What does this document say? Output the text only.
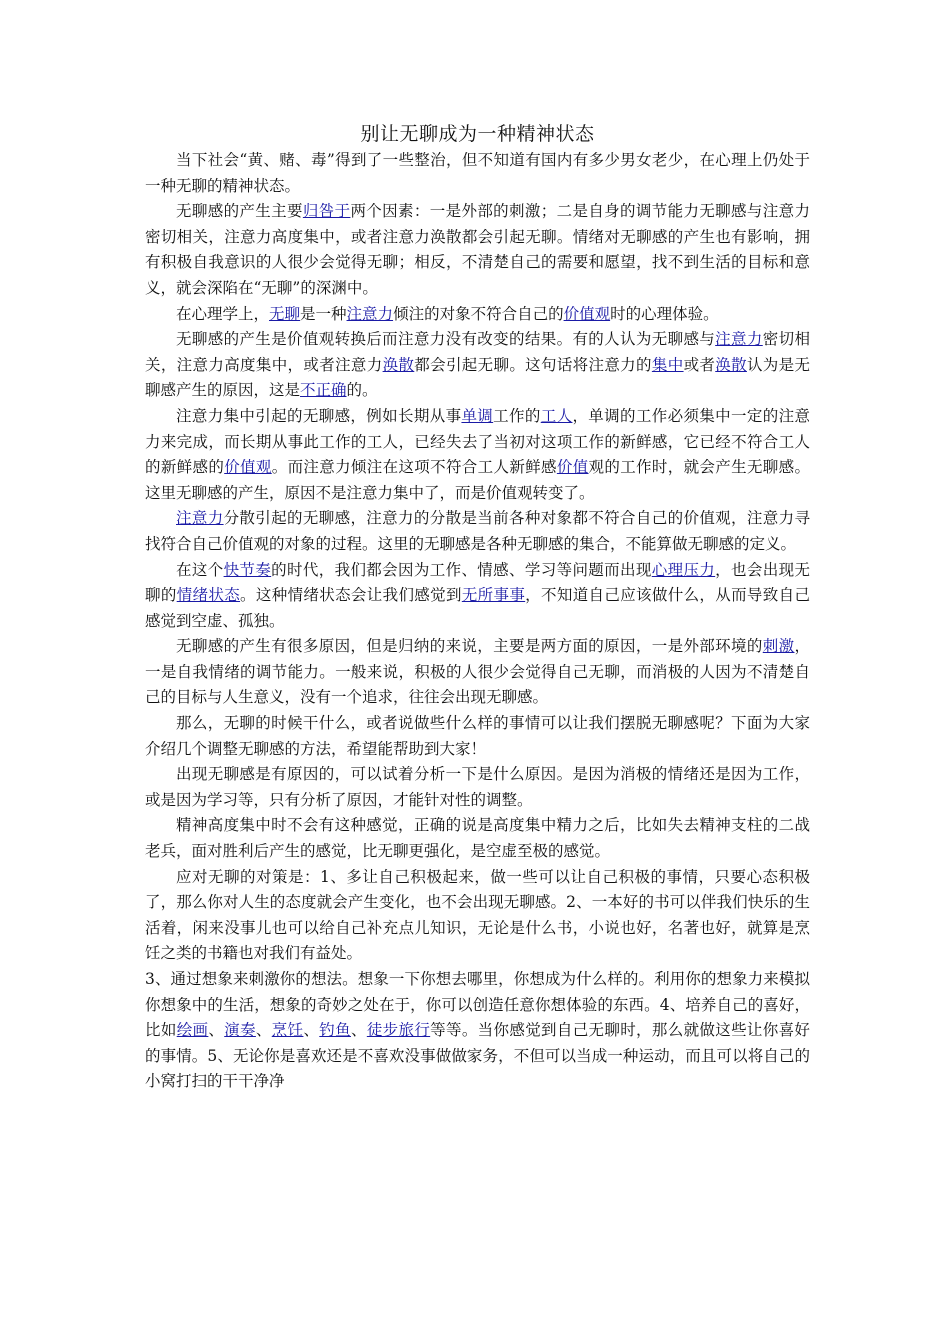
别让无聊成为一种精神状态

当下社会“黄、赌、毒”得到了一些整治，但不知道有国内有多少男女老少，在心理上仍处于一种无聊的精神状态。

无聊感的产生主要归咎于两个因素：一是外部的刺激；二是自身的调节能力无聊感与注意力密切相关，注意力高度集中，或者注意力涣散都会引起无聊。情绪对无聊感的产生也有影响，拥有积极自我意识的人很少会觉得无聊；相反，不清楚自己的需要和愿望，找不到生活的目标和意义，就会深陷在“无聊”的深渊中。

在心理学上，无聊是一种注意力倾注的对象不符合自己的价值观时的心理体验。

无聊感的产生是价值观转换后而注意力没有改变的结果。有的人认为无聊感与注意力密切相关，注意力高度集中，或者注意力涣散都会引起无聊。这句话将注意力的集中或者涣散认为是无聊感产生的原因，这是不正确的。

注意力集中引起的无聊感，例如长期从事单调工作的工人，单调的工作必须集中一定的注意力来完成，而长期从事此工作的工人，已经失去了当初对这项工作的新鲜感，它已经不符合工人的新鲜感的价值观。而注意力倾注在这项不符合工人新鲜感价值观的工作时，就会产生无聊感。这里无聊感的产生，原因不是注意力集中了，而是价值观转变了。

注意力分散引起的无聊感，注意力的分散是当前各种对象都不符合自己的价值观，注意力寻找符合自己价值观的对象的过程。这里的无聊感是各种无聊感的集合，不能算做无聊感的定义。

在这个快节奏的时代，我们都会因为工作、情感、学习等问题而出现心理压力，也会出现无聊的情绪状态。这种情绪状态会让我们感觉到无所事事，不知道自己应该做什么，从而导致自己感觉到空虚、孤独。

无聊感的产生有很多原因，但是归纳的来说，主要是两方面的原因，一是外部环境的刺激，一是自我情绪的调节能力。一般来说，积极的人很少会觉得自己无聊，而消极的人因为不清楚自己的目标与人生意义，没有一个追求，往往会出现无聊感。

那么，无聊的时候干什么，或者说做些什么样的事情可以让我们摆脱无聊感呢？下面为大家介绍几个调整无聊感的方法，希望能帮助到大家！

出现无聊感是有原因的，可以试着分析一下是什么原因。是因为消极的情绪还是因为工作，或是因为学习等，只有分析了原因，才能针对性的调整。

精神高度集中时不会有这种感觉，正确的说是高度集中精力之后，比如失去精神支柱的二战老兵，面对胜利后产生的感觉，比无聊更强化，是空虚至极的感觉。

应对无聊的对策是：1、多让自己积极起来，做一些可以让自己积极的事情，只要心态积极了，那么你对人生的态度就会产生变化，也不会出现无聊感。2、一本好的书可以伴我们快乐的生活着，闲来没事儿也可以给自己补充点儿知识，无论是什么书，小说也好，名著也好，就算是烹饪之类的书籍也对我们有益处。

3、通过想象来刺激你的想法。想象一下你想去哪里，你想成为什么样的。利用你的想象力来模拟你想象中的生活，想象的奇妙之处在于，你可以创造任意你想体验的东西。4、培养自己的喜好，比如绘画、演奏、烹饪、钓鱼、徒步旅行等等。当你感觉到自己无聊时，那么就做这些让你喜好的事情。5、无论你是喜欢还是不喜欢没事做做家务，不但可以当成一种运动，而且可以将自己的小窝打扫的干干净净
